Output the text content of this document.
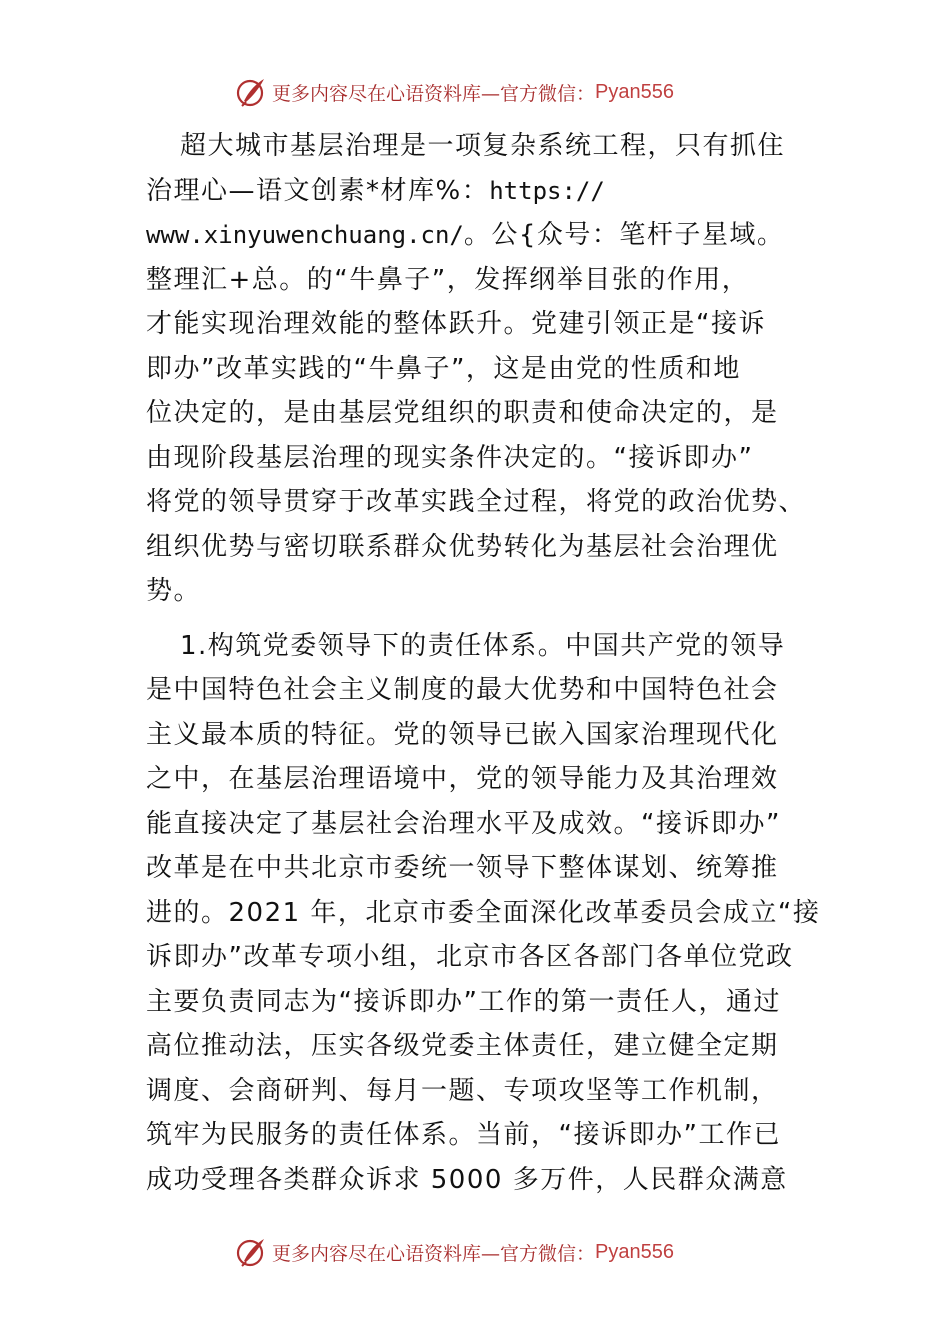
更多内容尽在心语资料库—官方微信： Pyan556
超大城市基层治理是一项复杂系统工程，只有抓住
治理心—语文创素*材库%：https://
www.xinyuwenchuang.cn/。公{众号：笔杆子星域。
整理汇+总。的“牛鼻子”，发挥纲举目张的作用，
才能实现治理效能的整体跃升。党建引领正是“接诉
即办”改革实践的“牛鼻子”，这是由党的性质和地
位决定的，是由基层党组织的职责和使命决定的，是
由现阶段基层治理的现实条件决定的。“接诉即办”
将党的领导贯穿于改革实践全过程，将党的政治优势、
组织优势与密切联系群众优势转化为基层社会治理优
势。
1.构筑党委领导下的责任体系。中国共产党的领导
是中国特色社会主义制度的最大优势和中国特色社会
主义最本质的特征。党的领导已嵌入国家治理现代化
之中，在基层治理语境中，党的领导能力及其治理效
能直接决定了基层社会治理水平及成效。“接诉即办”
改革是在中共北京市委统一领导下整体谋划、统筹推
进的。2021 年，北京市委全面深化改革委员会成立“接
诉即办”改革专项小组，北京市各区各部门各单位党政
主要负责同志为“接诉即办”工作的第一责任人，通过
高位推动法，压实各级党委主体责任，建立健全定期
调度、会商研判、每月一题、专项攻坚等工作机制，
筑牢为民服务的责任体系。当前，“接诉即办”工作已
成功受理各类群众诉求 5000 多万件，人民群众满意
更多内容尽在心语资料库—官方微信： Pyan556
